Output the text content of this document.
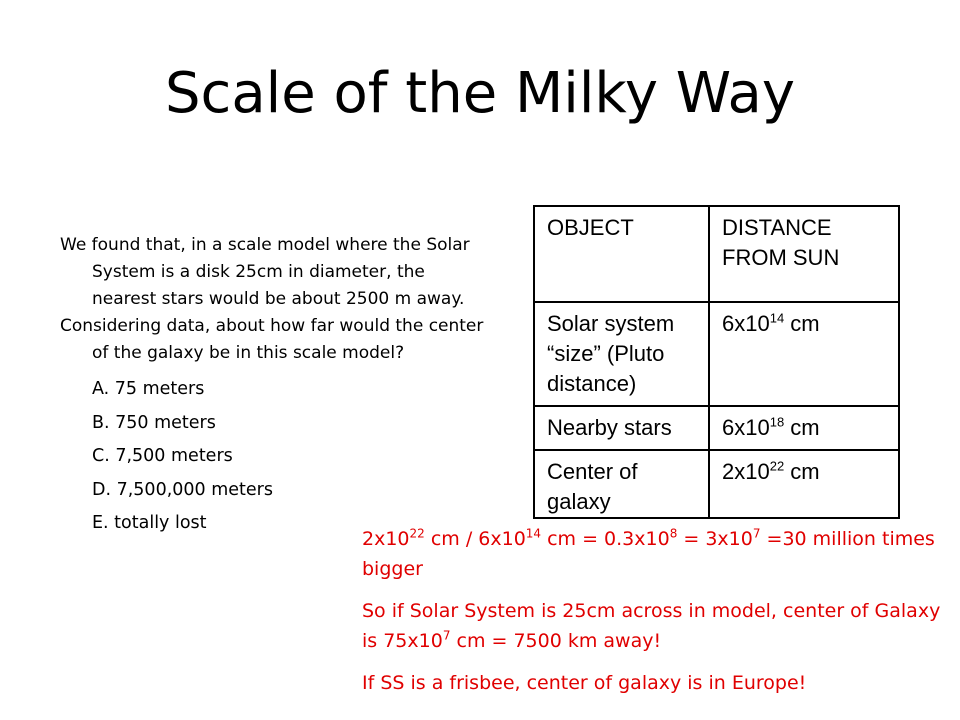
Scale of the Milky Way

We found that, in a scale model where the Solar System is a disk 25cm in diameter, the nearest stars would be about 2500 m away.

Considering data, about how far would the center of the galaxy be in this scale model?

A. 75 meters
B. 750 meters
C. 7,500 meters
D. 7,500,000 meters
E. totally lost
OBJECT	DISTANCE FROM SUN
Solar system “size” (Pluto distance)	$6x10^{14}$ cm
Nearby stars	$6x10^{18}$ cm
Center of galaxy	$2x10^{22}$ cm

$2x10^{22}$ cm / $6x10^{14}$ cm = $0.3x10^8 = 3x10^7 =30$ million times bigger

So if Solar System is 25cm across in model, center of Galaxy is $75x10^7$ cm = 7500 km away!

If SS is a frisbee, center of galaxy is in Europe!
